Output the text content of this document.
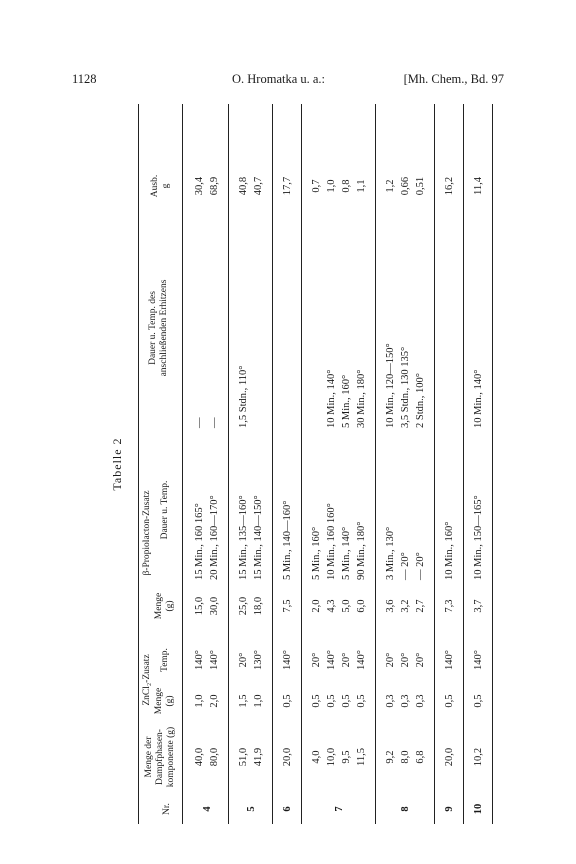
1128	O. Hromatka u. a.:	[Mh. Chem., Bd. 97
Tabelle 2
Nr.
Menge der
Dampfphasen-
komponente (g)
ZnCl₂-Zusatz Menge
(g)
Temp.
β-Propiolacton-Zusatz
Menge
(g)
Dauer u. Temp.
Dauer u. Temp. des
anschließenden Erhitzens
Ausb.
g
4
40,0 80,0
1,0 2,0
140° 140°
15,0 30,0
15 Min., 160 165° 20 Min., 160—170°
— —
30,4 68,9
5
51,0 41,9
1,5 1,0
20° 130°
25,0 18,0
15 Min., 135—160° 15 Min., 140—150°
1,5 Stdn., 110°
40,8 40,7
6
20,0
0,5
140°
7,5
5 Min., 140—160°
17,7
7
4,0 10,0 9,5 11,5
0,5 0,5 0,5 0,5
20° 140° 20° 140°
2,0 4,3 5,0 6,0
5 Min., 160° 10 Min., 160 160° 5 Min., 140° 90 Min., 180°
10 Min., 140° 5 Min., 160° 30 Min., 180°
0,7 1,0 0,8 1,1
8
9,2 8,0 6,8
0,3 0,3 0,3
20° 20° 20°
3,6 3,2 2,7
3 Min., 130° — 20° — 20°
10 Min., 120—150° 3,5 Stdn., 130 135° 2 Stdn., 100°
1,2 0,66 0,51
9
20,0
0,5
140°
7,3
10 Min., 160°
16,2
10
10,2
0,5
140°
3,7
10 Min., 150—165°
10 Min., 140°
11,4
